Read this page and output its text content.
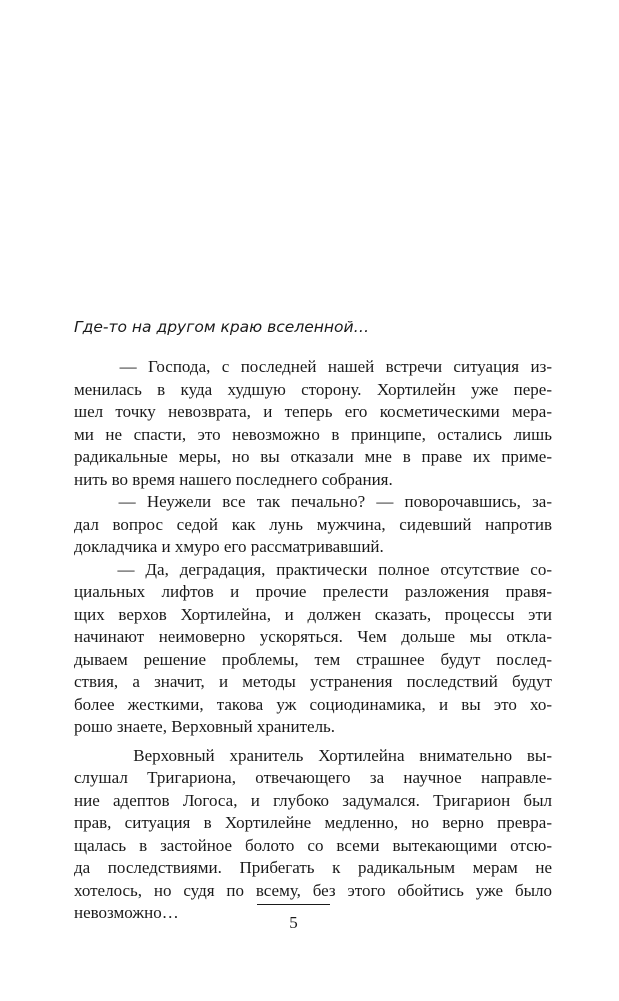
Где-то на другом краю вселенной…

— Господа, с последней нашей встречи ситуация из-
менилась в куда худшую сторону. Хортилейн уже пере-
шел точку невозврата, и теперь его косметическими мера-
ми не спасти, это невозможно в принципе, остались лишь
радикальные меры, но вы отказали мне в праве их приме-
нить во время нашего последнего собрания.

— Неужели все так печально? — поворочавшись, за-
дал вопрос седой как лунь мужчина, сидевший напротив
докладчика и хмуро его рассматривавший.

— Да, деградация, практически полное отсутствие со-
циальных лифтов и прочие прелести разложения правя-
щих верхов Хортилейна, и должен сказать, процессы эти
начинают неимоверно ускоряться. Чем дольше мы откла-
дываем решение проблемы, тем страшнее будут послед-
ствия, а значит, и методы устранения последствий будут
более жесткими, такова уж социодинамика, и вы это хо-
рошо знаете, Верховный хранитель.

Верховный хранитель Хортилейна внимательно вы-
слушал Тригариона, отвечающего за научное направле-
ние адептов Логоса, и глубоко задумался. Тригарион был
прав, ситуация в Хортилейне медленно, но верно превра-
щалась в застойное болото со всеми вытекающими отсю-
да последствиями. Прибегать к радикальным мерам не
хотелось, но судя по всему, без этого обойтись уже было
невозможно…

5
